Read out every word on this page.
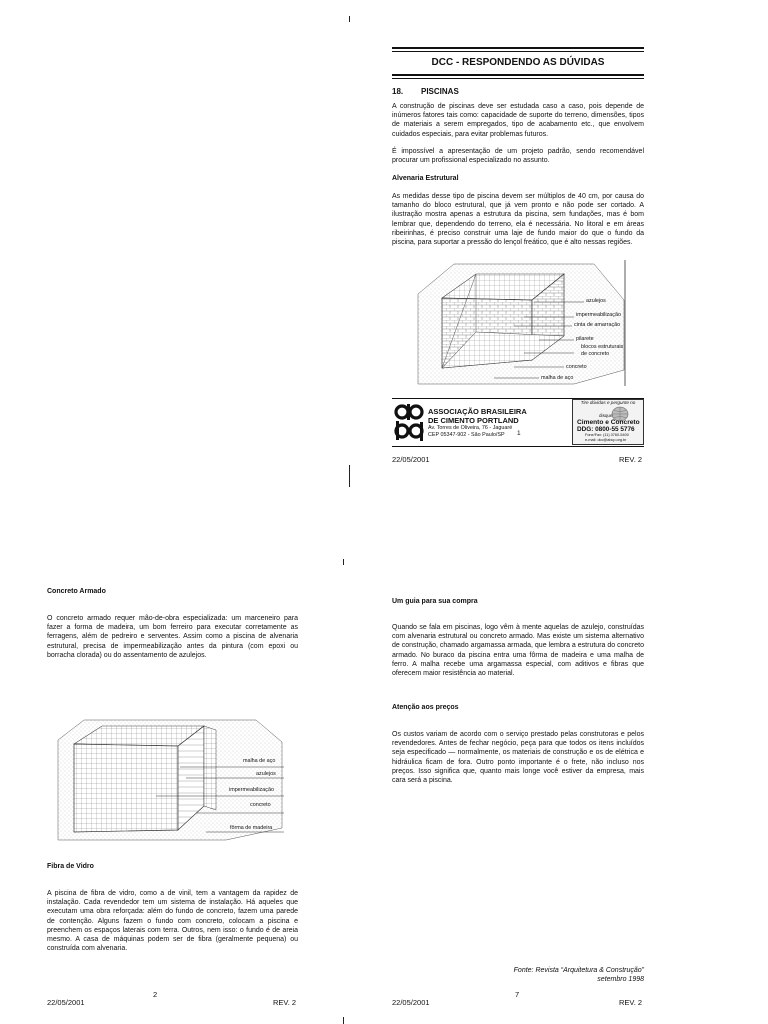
DCC - RESPONDENDO AS DÚVIDAS
18. PISCINAS

A construção de piscinas deve ser estudada caso a caso, pois depende de inúmeros fatores tais como: capacidade de suporte do terreno, dimensões, tipos de materiais a serem empregados, tipo de acabamento etc., que envolvem cuidados especiais, para evitar problemas futuros.

É impossível a apresentação de um projeto padrão, sendo recomendável procurar um profissional especializado no assunto.

Alvenaria Estrutural

As medidas desse tipo de piscina devem ser múltiplos de 40 cm, por causa do tamanho do bloco estrutural, que já vem pronto e não pode ser cortado. A ilustração mostra apenas a estrutura da piscina, sem fundações, mas é bom lembrar que, dependendo do terreno, ela é necessária. No litoral e em áreas ribeirinhas, é preciso construir uma laje de fundo maior do que o fundo da piscina, para suportar a pressão do lençol freático, que é alto nessas regiões.

azulejos
impermeabilização
cinta de amarração
pilarete
blocos estruturais
de concreto
concreto
malha de aço
ASSOCIAÇÃO BRASILEIRA
DE CIMENTO PORTLAND
Av. Torres de Oliveira, 76 - Jaguaré
CEP 05347-902 - São Paulo/SP 1
Tire dúvidas e pergunte no
disque
Cimento e Concreto
DDG: 0800-55 5776
Fone/Fax: (11) 3760-5400
e-mail: dcc@abcp.org.br
22/05/2001	REV. 2

Concreto Armado

O concreto armado requer mão-de-obra especializada: um marceneiro para fazer a forma de madeira, um bom ferreiro para executar corretamente as ferragens, além de pedreiro e serventes. Assim como a piscina de alvenaria estrutural, precisa de impermeabilização antes da pintura (com epoxi ou borracha clorada) ou do assentamento de azulejos.

malha de aço
azulejos
impermeabilização
concreto
fôrma de madeira

Fibra de Vidro

A piscina de fibra de vidro, como a de vinil, tem a vantagem da rapidez de instalação. Cada revendedor tem um sistema de instalação. Há aqueles que executam uma obra reforçada: além do fundo de concreto, fazem uma parede de contenção. Alguns fazem o fundo com concreto, colocam a piscina e preenchem os espaços laterais com terra. Outros, nem isso: o fundo é de areia mesmo. A casa de máquinas podem ser de fibra (geralmente pequena) ou construída com alvenaria.

2
22/05/2001	REV. 2

Um guia para sua compra

Quando se fala em piscinas, logo vêm à mente aquelas de azulejo, construídas com alvenaria estrutural ou concreto armado. Mas existe um sistema alternativo de construção, chamado argamassa armada, que lembra a estrutura do concreto armado. No buraco da piscina entra uma fôrma de madeira e uma malha de ferro. A malha recebe uma argamassa especial, com aditivos e fibras que oferecem maior resistência ao material.

Atenção aos preços

Os custos variam de acordo com o serviço prestado pelas construtoras e pelos revendedores. Antes de fechar negócio, peça para que todos os itens incluídos seja especificado — normalmente, os materiais de construção e os de elétrica e hidráulica ficam de fora. Outro ponto importante é o frete, não incluso nos preços. Isso significa que, quanto mais longe você estiver da empresa, mais cara será a piscina.

Fonte: Revista “Arquitetura & Construção”
setembro 1998
7
22/05/2001	REV. 2
